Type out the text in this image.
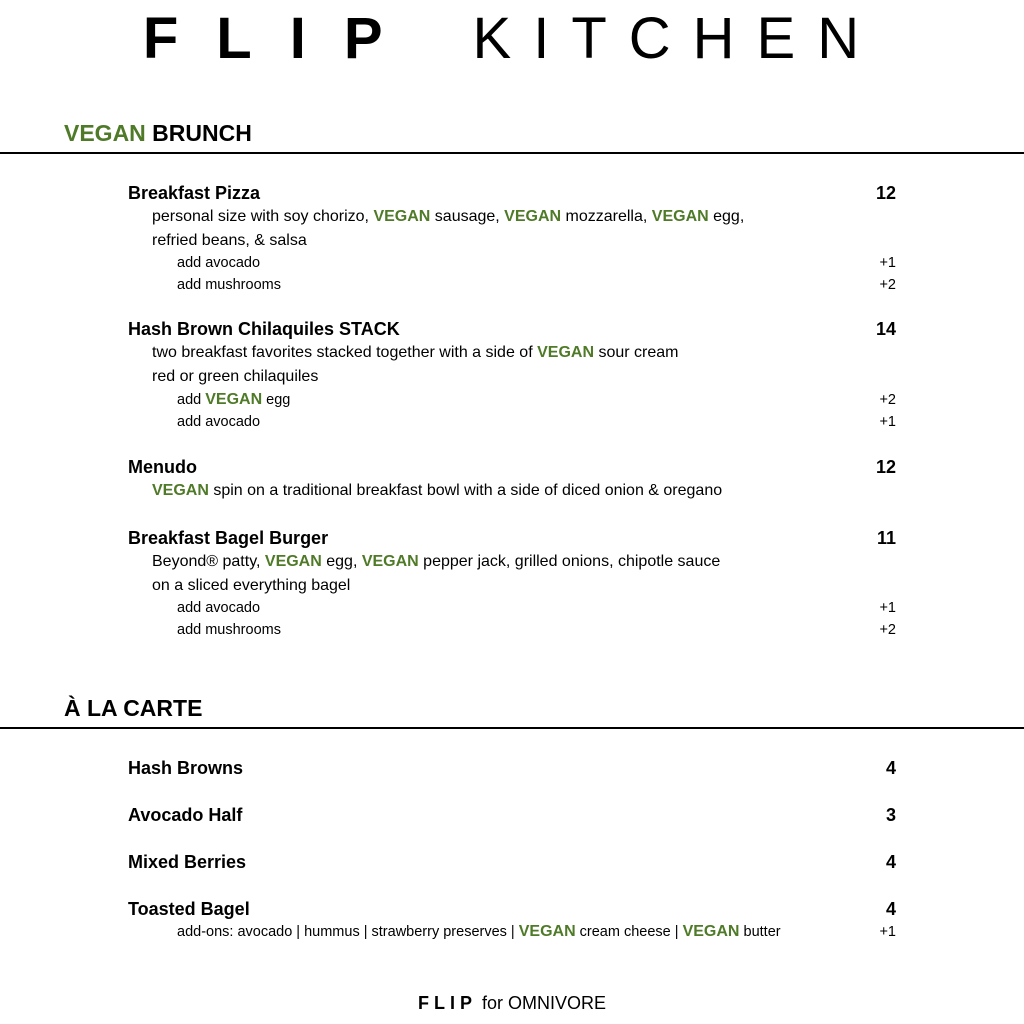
FLIP KITCHEN
VEGAN BRUNCH
Breakfast Pizza	12
personal size with soy chorizo, VEGAN sausage, VEGAN mozzarella, VEGAN egg,
refried beans, & salsa
add avocado	+1
add mushrooms	+2
Hash Brown Chilaquiles STACK	14
two breakfast favorites stacked together with a side of VEGAN sour cream
red or green chilaquiles
add VEGAN egg	+2
add avocado	+1
Menudo	12
VEGAN spin on a traditional breakfast bowl with a side of diced onion & oregano
Breakfast Bagel Burger	11
Beyond® patty, VEGAN egg, VEGAN pepper jack, grilled onions, chipotle sauce
on a sliced everything bagel
add avocado	+1
add mushrooms	+2
À LA CARTE
Hash Browns	4
Avocado Half	3
Mixed Berries	4
Toasted Bagel	4
add-ons: avocado | hummus | strawberry preserves | VEGAN cream cheese | VEGAN butter	+1
FLIP for OMNIVORE
